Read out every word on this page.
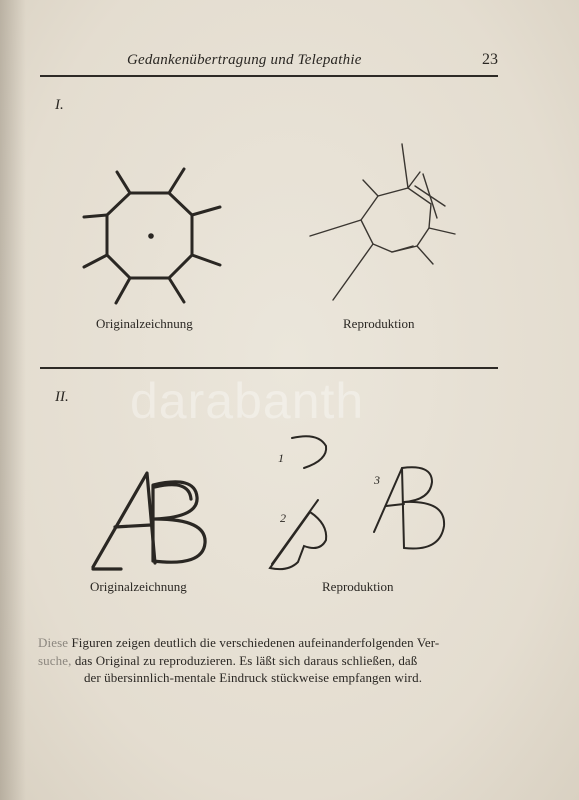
Gedankenübertragung und Telepathie	23
I.
Originalzeichnung	Reproduktion
II. darabanth
1
2
3
Originalzeichnung	Reproduktion

Diese Figuren zeigen deutlich die verschiedenen aufeinanderfolgenden Ver-

suche, das Original zu reproduzieren. Es läßt sich daraus schließen, daß

der übersinnlich-mentale Eindruck stückweise empfangen wird.
